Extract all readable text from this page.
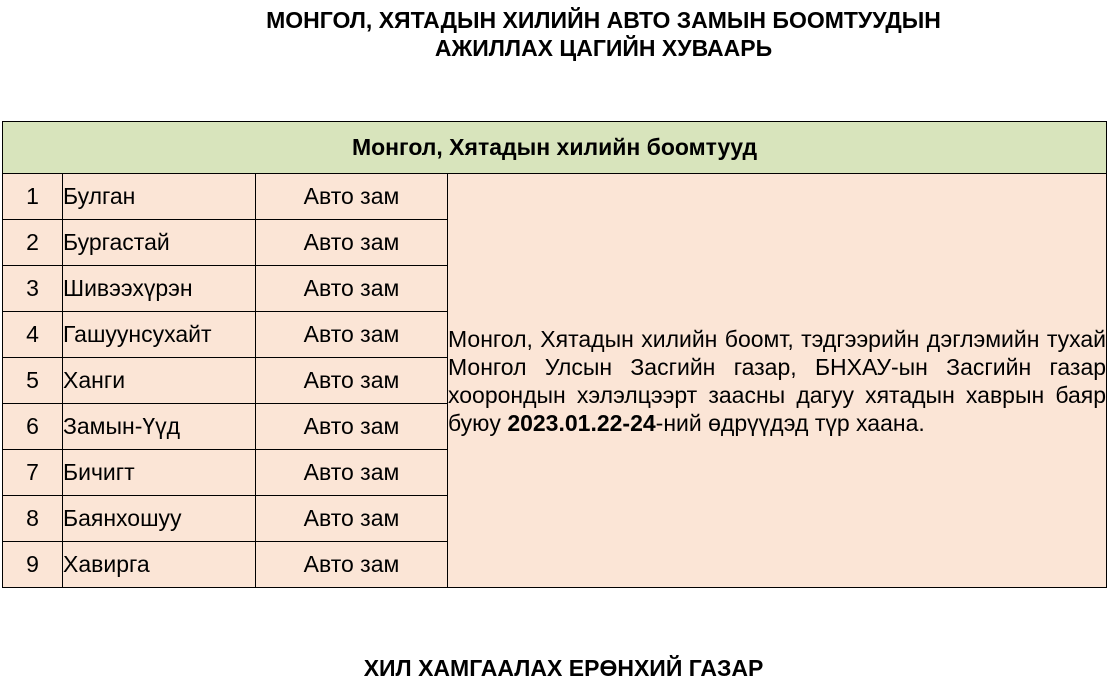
МОНГОЛ, ХЯТАДЫН ХИЛИЙН АВТО ЗАМЫН БООМТУУДЫН
АЖИЛЛАХ ЦАГИЙН ХУВААРЬ
Монгол, Хятадын хилийн боомтууд			
1	Булган	Авто зам	Монгол, Хятадын хилийн боомт, тэдгээрийн дэглэмийн тухай Монгол Улсын Засгийн газар, БНХАУ-ын Засгийн газар хоорондын хэлэлцээрт заасны дагуу хятадын хаврын баяр буюу 2023.01.22-24-ний өдрүүдэд түр хаана.
2	Бургастай	Авто зам	
3	Шивээхүрэн	Авто зам	
4	Гашуунсухайт	Авто зам	
5	Ханги	Авто зам	
6	Замын-Үүд	Авто зам	
7	Бичигт	Авто зам	
8	Баянхошуу	Авто зам	
9	Хавирга	Авто зам	
ХИЛ ХАМГААЛАХ ЕРӨНХИЙ ГАЗАР
